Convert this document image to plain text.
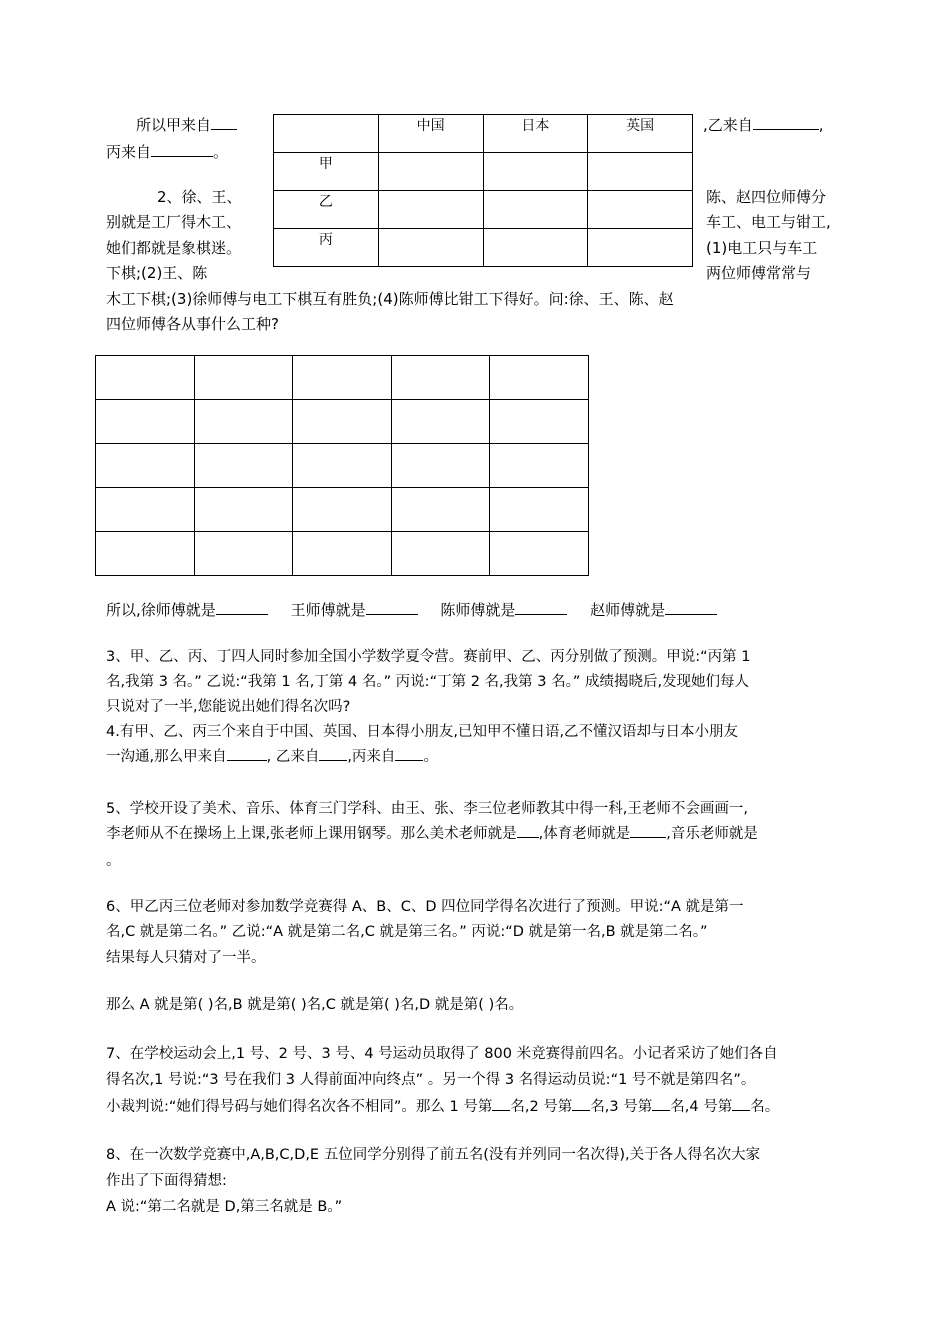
所以甲来自
丙来自	。
,乙来自	,
	中国	日本	英国
甲			
乙			
丙			
2、徐、王、
别就是工厂得木工、
她们都就是象棋迷。
下棋;(2)王、陈
陈、赵四位师傅分
车工、电工与钳工,
(1)电工只与车工
两位师傅常常与
木工下棋;(3)徐师傅与电工下棋互有胜负;(4)陈师傅比钳工下得好。问:徐、王、陈、赵
四位师傅各从事什么工种?

所以,徐师傅就是	王师傅就是	陈师傅就是	赵师傅就是
3、甲、乙、丙、丁四人同时参加全国小学数学夏令营。赛前甲、乙、丙分别做了预测。甲说:“丙第 1
名,我第 3 名。” 乙说:“我第 1 名,丁第 4 名。” 丙说:“丁第 2 名,我第 3 名。” 成绩揭晓后,发现她们每人
只说对了一半,您能说出她们得名次吗?
4.有甲、乙、丙三个来自于中国、英国、日本得小朋友,已知甲不懂日语,乙不懂汉语却与日本小朋友
一沟通,那么甲来自	, 乙来自 ,丙来自 。
5、学校开设了美术、音乐、体育三门学科、由王、张、李三位老师教其中得一科,王老师不会画画一,
李老师从不在操场上上课,张老师上课用钢琴。那么美术老师就是 ,体育老师就是 ,音乐老师就是
。
6、甲乙丙三位老师对参加数学竞赛得 A、B、C、D 四位同学得名次进行了预测。甲说:“A 就是第一
名,C 就是第二名。” 乙说:“A 就是第二名,C 就是第三名。” 丙说:“D 就是第一名,B 就是第二名。”
结果每人只猜对了一半。
那么 A 就是第( )名,B 就是第( )名,C 就是第( )名,D 就是第( )名。
7、在学校运动会上,1 号、2 号、3 号、4 号运动员取得了 800 米竞赛得前四名。小记者采访了她们各自
得名次,1 号说:“3 号在我们 3 人得前面冲向终点” 。另一个得 3 名得运动员说:“1 号不就是第四名”。
小裁判说:“她们得号码与她们得名次各不相同”。那么 1 号第 名,2 号第 名,3 号第 名,4 号第 名。
8、在一次数学竞赛中,A,B,C,D,E 五位同学分别得了前五名(没有并列同一名次得),关于各人得名次大家
作出了下面得猜想:
A 说:“第二名就是 D,第三名就是 B。”
